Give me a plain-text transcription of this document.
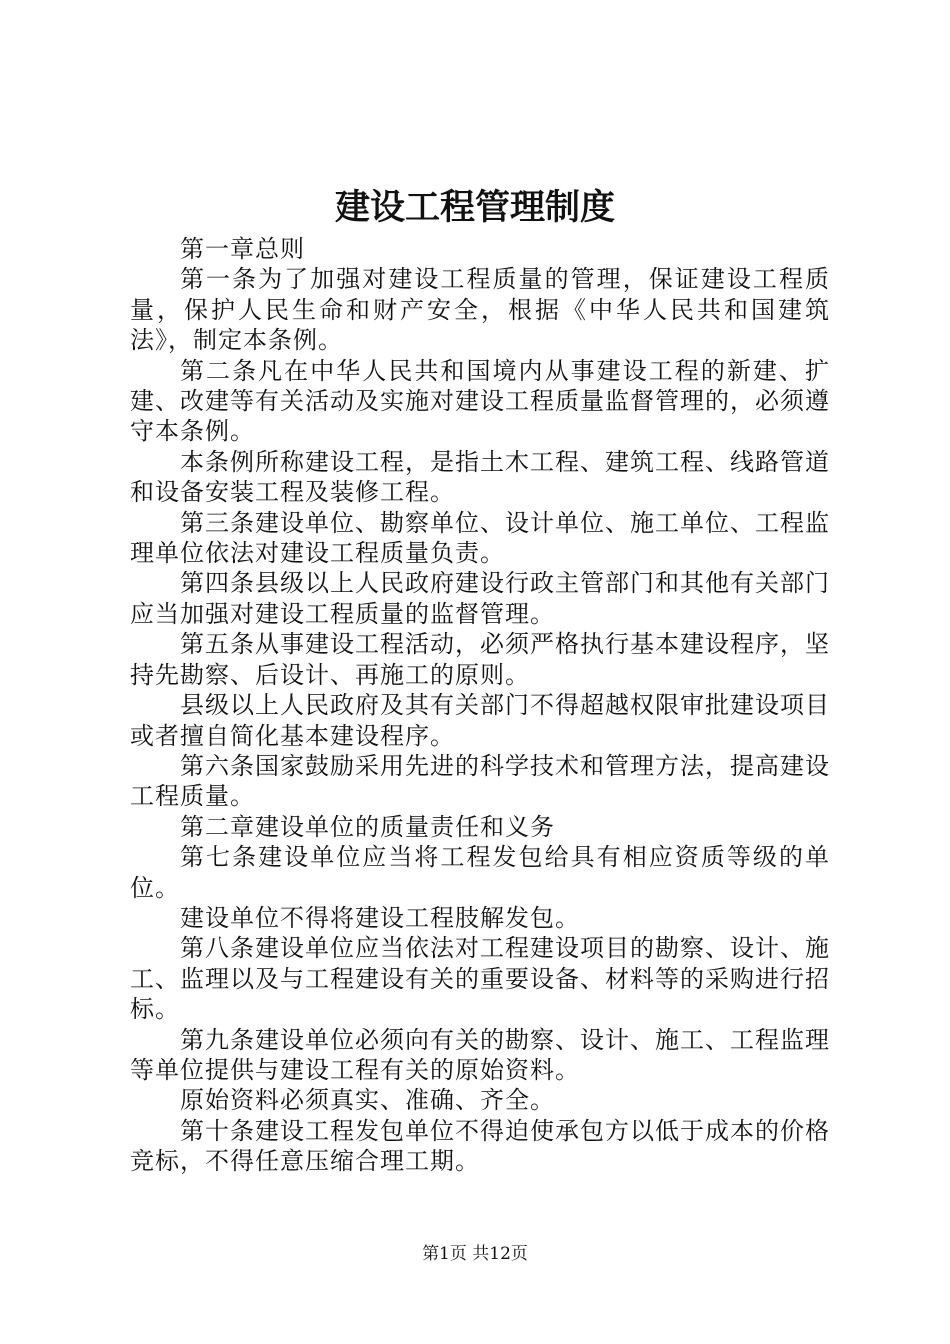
建设工程管理制度

第一章总则

第一条为了加强对建设工程质量的管理，保证建设工程质量，保护人民生命和财产安全，根据《中华人民共和国建筑法》，制定本条例。

第二条凡在中华人民共和国境内从事建设工程的新建、扩建、改建等有关活动及实施对建设工程质量监督管理的，必须遵守本条例。

本条例所称建设工程，是指土木工程、建筑工程、线路管道和设备安装工程及装修工程。

第三条建设单位、勘察单位、设计单位、施工单位、工程监理单位依法对建设工程质量负责。

第四条县级以上人民政府建设行政主管部门和其他有关部门应当加强对建设工程质量的监督管理。

第五条从事建设工程活动，必须严格执行基本建设程序，坚持先勘察、后设计、再施工的原则。

县级以上人民政府及其有关部门不得超越权限审批建设项目或者擅自简化基本建设程序。

第六条国家鼓励采用先进的科学技术和管理方法，提高建设工程质量。

第二章建设单位的质量责任和义务

第七条建设单位应当将工程发包给具有相应资质等级的单位。

建设单位不得将建设工程肢解发包。

第八条建设单位应当依法对工程建设项目的勘察、设计、施工、监理以及与工程建设有关的重要设备、材料等的采购进行招标。

第九条建设单位必须向有关的勘察、设计、施工、工程监理等单位提供与建设工程有关的原始资料。

原始资料必须真实、准确、齐全。

第十条建设工程发包单位不得迫使承包方以低于成本的价格竞标，不得任意压缩合理工期。

第1页 共12页
